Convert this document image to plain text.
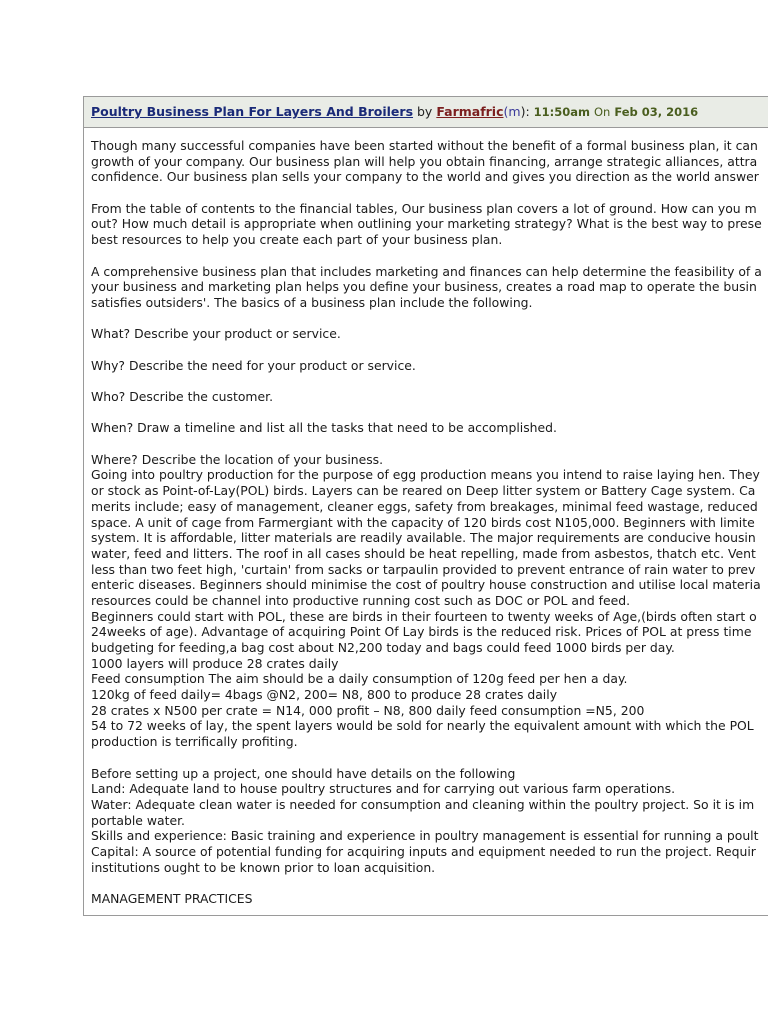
Poultry Business Plan For Layers And Broilers by Farmafric(m): 11:50am On Feb 03, 2016
Though many successful companies have been started without the benefit of a formal business plan, it can
growth of your company. Our business plan will help you obtain financing, arrange strategic alliances, attra
confidence. Our business plan sells your company to the world and gives you direction as the world answer
From the table of contents to the financial tables, Our business plan covers a lot of ground. How can you m
out? How much detail is appropriate when outlining your marketing strategy? What is the best way to prese
best resources to help you create each part of your business plan.
A comprehensive business plan that includes marketing and finances can help determine the feasibility of a
your business and marketing plan helps you define your business, creates a road map to operate the busin
satisfies outsiders'. The basics of a business plan include the following.
What? Describe your product or service.
Why? Describe the need for your product or service.
Who? Describe the customer.
When? Draw a timeline and list all the tasks that need to be accomplished.
Where? Describe the location of your business.
Going into poultry production for the purpose of egg production means you intend to raise laying hen. They
or stock as Point-of-Lay(POL) birds. Layers can be reared on Deep litter system or Battery Cage system. Ca
merits include; easy of management, cleaner eggs, safety from breakages, minimal feed wastage, reduced
space. A unit of cage from Farmergiant with the capacity of 120 birds cost N105,000. Beginners with limite
system. It is affordable, litter materials are readily available. The major requirements are conducive housin
water, feed and litters. The roof in all cases should be heat repelling, made from asbestos, thatch etc. Vent
less than two feet high, 'curtain' from sacks or tarpaulin provided to prevent entrance of rain water to prev
enteric diseases. Beginners should minimise the cost of poultry house construction and utilise local materia
resources could be channel into productive running cost such as DOC or POL and feed.
Beginners could start with POL, these are birds in their fourteen to twenty weeks of Age,(birds often start o
24weeks of age). Advantage of acquiring Point Of Lay birds is the reduced risk. Prices of POL at press time
budgeting for feeding,a bag cost about N2,200 today and bags could feed 1000 birds per day.
1000 layers will produce 28 crates daily
Feed consumption The aim should be a daily consumption of 120g feed per hen a day.
120kg of feed daily= 4bags @N2, 200= N8, 800 to produce 28 crates daily
28 crates x N500 per crate = N14, 000 profit – N8, 800 daily feed consumption =N5, 200
54 to 72 weeks of lay, the spent layers would be sold for nearly the equivalent amount with which the POL
production is terrifically profiting.
Before setting up a project, one should have details on the following
Land: Adequate land to house poultry structures and for carrying out various farm operations.
Water: Adequate clean water is needed for consumption and cleaning within the poultry project. So it is im
portable water.
Skills and experience: Basic training and experience in poultry management is essential for running a poult
Capital: A source of potential funding for acquiring inputs and equipment needed to run the project. Requir
institutions ought to be known prior to loan acquisition.
MANAGEMENT PRACTICES
